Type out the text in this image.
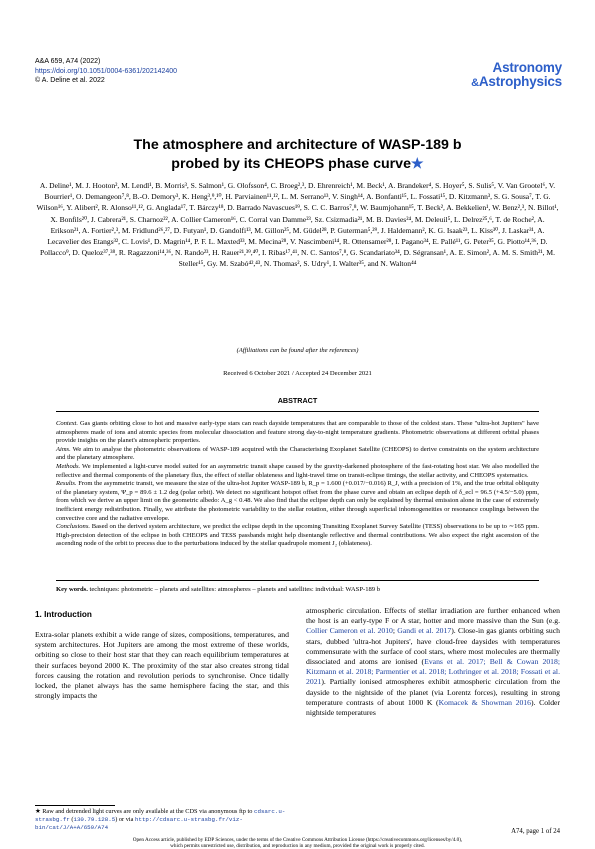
A&A 659, A74 (2022)
https://doi.org/10.1051/0004-6361/202142400
© A. Deline et al. 2022
Astronomy
&Astrophysics
The atmosphere and architecture of WASP-189 b
probed by its CHEOPS phase curve★
A. Deline¹, M. J. Hooton², M. Lendl¹, B. Morris³, S. Salmon¹, G. Olofsson⁴, C. Broeg²,³, D. Ehrenreich¹, M. Beck¹, A. Brandeker⁴, S. Hoyer⁵, S. Sulis⁵, V. Van Grootel⁶, V. Bourrier¹, O. Demangeon⁷,⁸, B.-O. Demory³, K. Heng³,⁹,¹⁰, H. Parviainen¹¹,¹², L. M. Serrano¹³, V. Singh¹⁴, A. Bonfanti¹⁵, L. Fossati¹⁵, D. Kitzmann³, S. G. Sousa⁷, T. G. Wilson¹⁶, Y. Alibert², R. Alonso¹¹,¹², G. Anglada¹⁷, T. Bárczy¹⁸, D. Barrado Navascues¹⁹, S. C. C. Barros⁷,⁸, W. Baumjohann¹⁵, T. Beck², A. Bekkelien¹, W. Benz²,³, N. Billot¹, X. Bonfils²⁰, J. Cabrera²¹, S. Charnoz²², A. Collier Cameron¹⁶, C. Corral van Damme²³, Sz. Csizmadia²¹, M. B. Davies²⁴, M. Deleuil⁵, L. Delrez²⁵,⁶, T. de Roche², A. Erikson²¹, A. Fortier²,³, M. Fridlund²⁶,²⁷, D. Futyan¹, D. Gandolfi¹³, M. Gillon²⁵, M. Güdel²⁸, P. Guterman⁵,²⁹, J. Haldemann², K. G. Isaak²³, L. Kiss³⁰, J. Laskar³¹, A. Lecavelier des Etangs³², C. Lovis¹, D. Magrin¹⁴, P. F. L. Maxted³³, M. Mecina²⁸, V. Nascimbeni¹⁴, R. Ottensamer²⁸, I. Pagano³⁴, E. Pallé¹¹, G. Peter³⁵, G. Piotto¹⁴,³⁶, D. Pollacco⁹, D. Queloz³⁷,³⁸, R. Ragazzoni¹⁴,³⁶, N. Rando²³, H. Rauer²¹,³⁹,⁴⁰, I. Ribas¹⁷,⁴¹, N. C. Santos⁷,⁸, G. Scandariato³⁴, D. Ségransan¹, A. E. Simon², A. M. S. Smith²¹, M. Steller¹⁵, Gy. M. Szabó⁴²,⁴³, N. Thomas², S. Udry¹, I. Walter³⁵, and N. Walton⁴⁴
(Affiliations can be found after the references)
Received 6 October 2021 / Accepted 24 December 2021
ABSTRACT

Context. Gas giants orbiting close to hot and massive early-type stars can reach dayside temperatures that are comparable to those of the coldest stars. These "ultra-hot Jupiters" have atmospheres made of ions and atomic species from molecular dissociation and feature strong day-to-night temperature gradients. Photometric observations at different orbital phases provide insights on the planet's atmospheric properties.

Aims. We aim to analyse the photometric observations of WASP-189 acquired with the Characterising Exoplanet Satellite (CHEOPS) to derive constraints on the system architecture and the planetary atmosphere.

Methods. We implemented a light-curve model suited for an asymmetric transit shape caused by the gravity-darkened photosphere of the fast-rotating host star. We also modelled the reflective and thermal components of the planetary flux, the effect of stellar oblateness and light-travel time on transit-eclipse timings, the stellar activity, and CHEOPS systematics.

Results. From the asymmetric transit, we measure the size of the ultra-hot Jupiter WASP-189 b, R_p = 1.600 (+0.017/−0.016) R_J, with a precision of 1%, and the true orbital obliquity of the planetary system, Ψ_p = 89.6 ± 1.2 deg (polar orbit). We detect no significant hotspot offset from the phase curve and obtain an eclipse depth of δ_ecl = 96.5 (+4.5/−5.0) ppm, from which we derive an upper limit on the geometric albedo: A_g < 0.48. We also find that the eclipse depth can only be explained by thermal emission alone in the case of extremely inefficient energy redistribution. Finally, we attribute the photometric variability to the stellar rotation, either through superficial inhomogeneities or resonance couplings between the convective core and the radiative envelope.

Conclusions. Based on the derived system architecture, we predict the eclipse depth in the upcoming Transiting Exoplanet Survey Satellite (TESS) observations to be up to ∼165 ppm. High-precision detection of the eclipse in both CHEOPS and TESS passbands might help disentangle reflective and thermal contributions. We also expect the right ascension of the ascending node of the orbit to precess due to the perturbations induced by the stellar quadrupole moment J₂ (oblateness).

Key words. techniques: photometric – planets and satellites: atmospheres – planets and satellites: individual: WASP-189 b
1. Introduction

Extra-solar planets exhibit a wide range of sizes, compositions, temperatures, and system architectures. Hot Jupiters are among the most extreme of these worlds, orbiting so close to their host star that they can reach equilibrium temperatures at their surfaces beyond 2000 K. The proximity of the star also creates strong tidal forces causing the rotation and revolution periods to synchronise. Once tidally locked, the planet always has the same hemisphere facing the star, and this strongly impacts the

atmospheric circulation. Effects of stellar irradiation are further enhanced when the host is an early-type F or A star, hotter and more massive than the Sun (e.g. Collier Cameron et al. 2010; Gandi et al. 2017). Close-in gas giants orbiting such stars, dubbed 'ultra-hot Jupiters', have cloud-free daysides with temperatures commensurate with the surface of cool stars, where most molecules are thermally dissociated and atoms are ionised (Evans et al. 2017; Bell & Cowan 2018; Kitzmann et al. 2018; Parmentier et al. 2018; Lothringer et al. 2018; Fossati et al. 2021). Partially ionised atmospheres exhibit atmospheric circulation from the dayside to the nightside of the planet (via Lorentz forces), resulting in strong temperature contrasts of about 1000 K (Komacek & Showman 2016). Colder nightside temperatures

★ Raw and detrended light curves are only available at the CDS via anonymous ftp to cdsarc.u-strasbg.fr (130.79.128.5) or via http://cdsarc.u-strasbg.fr/viz-bin/cat/J/A+A/659/A74
A74, page 1 of 24
Open Access article, published by EDP Sciences, under the terms of the Creative Commons Attribution License (https://creativecommons.org/licenses/by/4.0),
which permits unrestricted use, distribution, and reproduction in any medium, provided the original work is properly cited.
